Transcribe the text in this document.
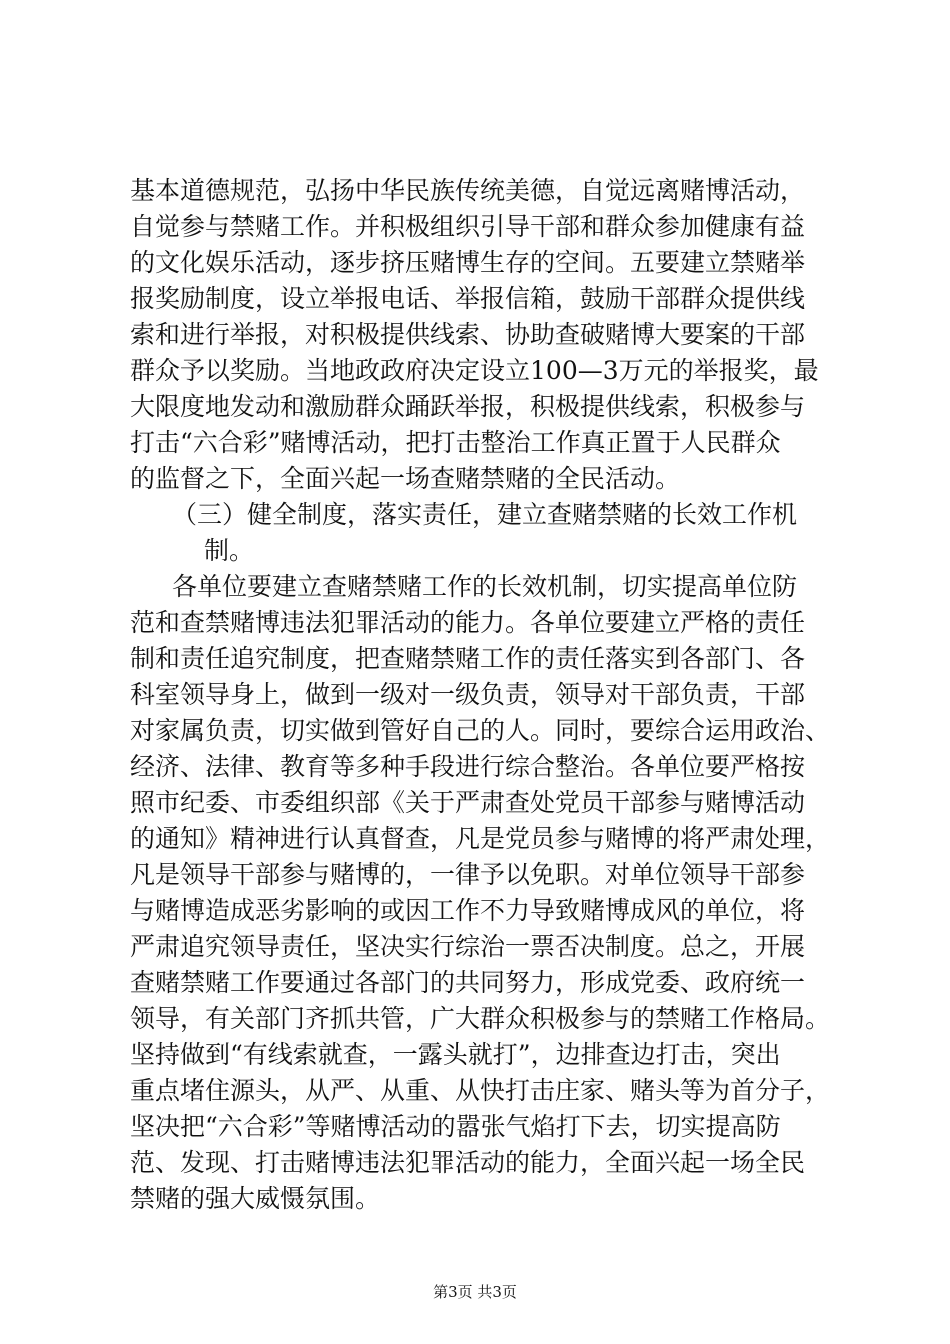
基本道德规范，弘扬中华民族传统美德，自觉远离赌博活动，
自觉参与禁赌工作。并积极组织引导干部和群众参加健康有益
的文化娱乐活动，逐步挤压赌博生存的空间。五要建立禁赌举
报奖励制度，设立举报电话、举报信箱，鼓励干部群众提供线
索和进行举报，对积极提供线索、协助查破赌博大要案的干部
群众予以奖励。当地政政府决定设立100—3万元的举报奖，最
大限度地发动和激励群众踊跃举报，积极提供线索，积极参与
打击“六合彩”赌博活动，把打击整治工作真正置于人民群众
的监督之下，全面兴起一场查赌禁赌的全民活动。
（三）健全制度，落实责任，建立查赌禁赌的长效工作机
制。
各单位要建立查赌禁赌工作的长效机制，切实提高单位防
范和查禁赌博违法犯罪活动的能力。各单位要建立严格的责任
制和责任追究制度，把查赌禁赌工作的责任落实到各部门、各
科室领导身上，做到一级对一级负责，领导对干部负责，干部
对家属负责，切实做到管好自己的人。同时，要综合运用政治、
经济、法律、教育等多种手段进行综合整治。各单位要严格按
照市纪委、市委组织部《关于严肃查处党员干部参与赌博活动
的通知》精神进行认真督查，凡是党员参与赌博的将严肃处理，
凡是领导干部参与赌博的，一律予以免职。对单位领导干部参
与赌博造成恶劣影响的或因工作不力导致赌博成风的单位，将
严肃追究领导责任，坚决实行综治一票否决制度。总之，开展
查赌禁赌工作要通过各部门的共同努力，形成党委、政府统一
领导，有关部门齐抓共管，广大群众积极参与的禁赌工作格局。
坚持做到“有线索就查，一露头就打”，边排查边打击，突出
重点堵住源头，从严、从重、从快打击庄家、赌头等为首分子，
坚决把“六合彩”等赌博活动的嚣张气焰打下去，切实提高防
范、发现、打击赌博违法犯罪活动的能力，全面兴起一场全民
禁赌的强大威慑氛围。
第3页 共3页
